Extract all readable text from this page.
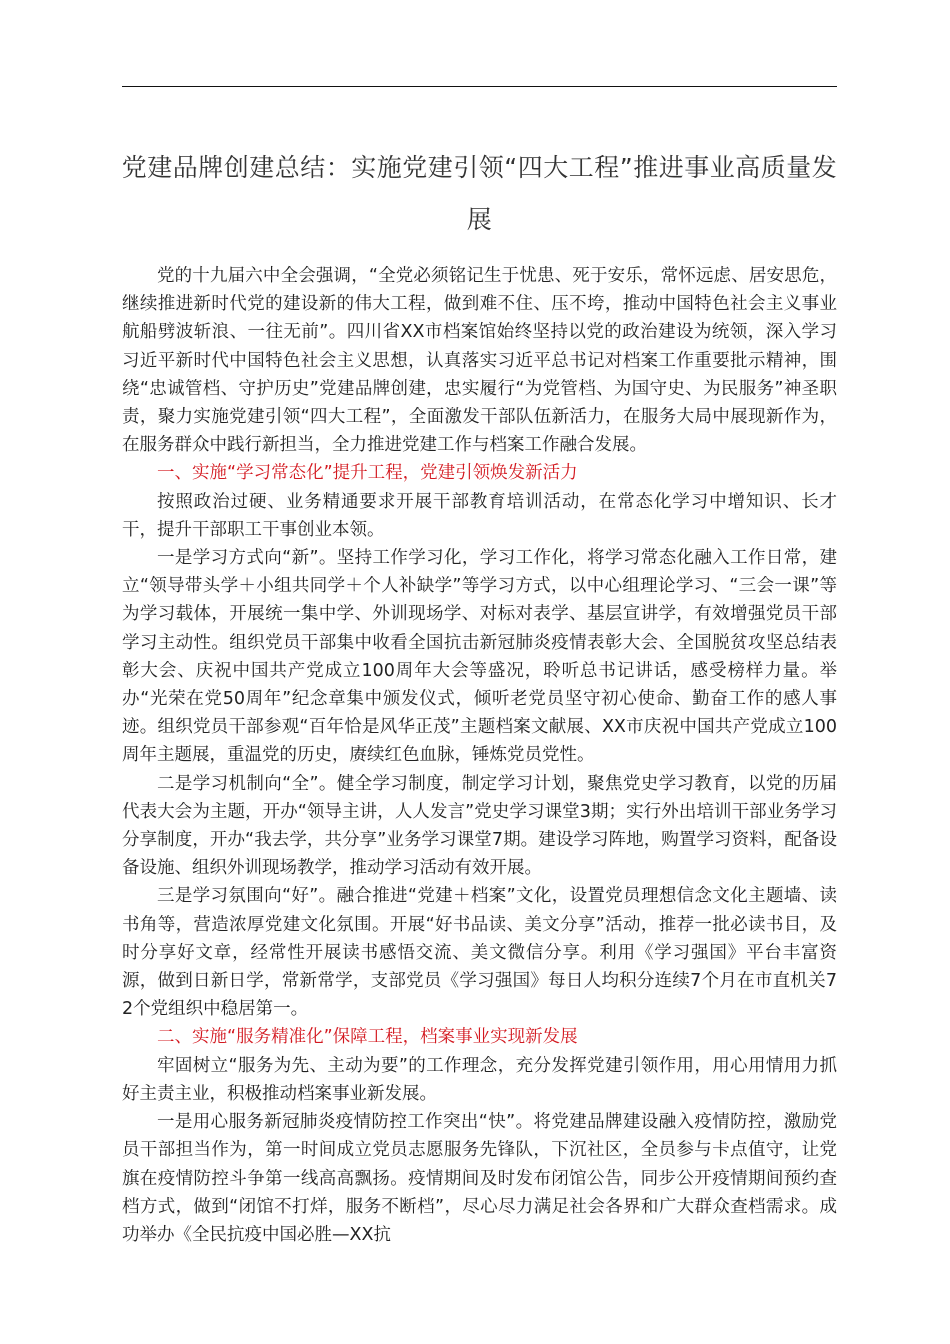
党建品牌创建总结：实施党建引领“四大工程”推进事业高质量发展

党的十九届六中全会强调，“全党必须铭记生于忧患、死于安乐，常怀远虑、居安思危，继续推进新时代党的建设新的伟大工程，做到难不住、压不垮，推动中国特色社会主义事业航船劈波斩浪、一往无前”。四川省XX市档案馆始终坚持以党的政治建设为统领，深入学习习近平新时代中国特色社会主义思想，认真落实习近平总书记对档案工作重要批示精神，围绕“忠诚管档、守护历史”党建品牌创建，忠实履行“为党管档、为国守史、为民服务”神圣职责，聚力实施党建引领“四大工程”，全面激发干部队伍新活力，在服务大局中展现新作为，在服务群众中践行新担当，全力推进党建工作与档案工作融合发展。

一、实施“学习常态化”提升工程，党建引领焕发新活力

按照政治过硬、业务精通要求开展干部教育培训活动，在常态化学习中增知识、长才干，提升干部职工干事创业本领。

一是学习方式向“新”。坚持工作学习化，学习工作化，将学习常态化融入工作日常，建立“领导带头学＋小组共同学＋个人补缺学”等学习方式，以中心组理论学习、“三会一课”等为学习载体，开展统一集中学、外训现场学、对标对表学、基层宣讲学，有效增强党员干部学习主动性。组织党员干部集中收看全国抗击新冠肺炎疫情表彰大会、全国脱贫攻坚总结表彰大会、庆祝中国共产党成立100周年大会等盛况，聆听总书记讲话，感受榜样力量。举办“光荣在党50周年”纪念章集中颁发仪式，倾听老党员坚守初心使命、勤奋工作的感人事迹。组织党员干部参观“百年恰是风华正茂”主题档案文献展、XX市庆祝中国共产党成立100周年主题展，重温党的历史，赓续红色血脉，锤炼党员党性。

二是学习机制向“全”。健全学习制度，制定学习计划，聚焦党史学习教育，以党的历届代表大会为主题，开办“领导主讲，人人发言”党史学习课堂3期；实行外出培训干部业务学习分享制度，开办“我去学，共分享”业务学习课堂7期。建设学习阵地，购置学习资料，配备设备设施、组织外训现场教学，推动学习活动有效开展。

三是学习氛围向“好”。融合推进“党建＋档案”文化，设置党员理想信念文化主题墙、读书角等，营造浓厚党建文化氛围。开展“好书品读、美文分享”活动，推荐一批必读书目，及时分享好文章，经常性开展读书感悟交流、美文微信分享。利用《学习强国》平台丰富资源，做到日新日学，常新常学，支部党员《学习强国》每日人均积分连续7个月在市直机关72个党组织中稳居第一。

二、实施“服务精准化”保障工程，档案事业实现新发展

牢固树立“服务为先、主动为要”的工作理念，充分发挥党建引领作用，用心用情用力抓好主责主业，积极推动档案事业新发展。

一是用心服务新冠肺炎疫情防控工作突出“快”。将党建品牌建设融入疫情防控，激励党员干部担当作为，第一时间成立党员志愿服务先锋队，下沉社区，全员参与卡点值守，让党旗在疫情防控斗争第一线高高飘扬。疫情期间及时发布闭馆公告，同步公开疫情期间预约查档方式，做到“闭馆不打烊，服务不断档”，尽心尽力满足社会各界和广大群众查档需求。成功举办《全民抗疫中国必胜—XX抗
